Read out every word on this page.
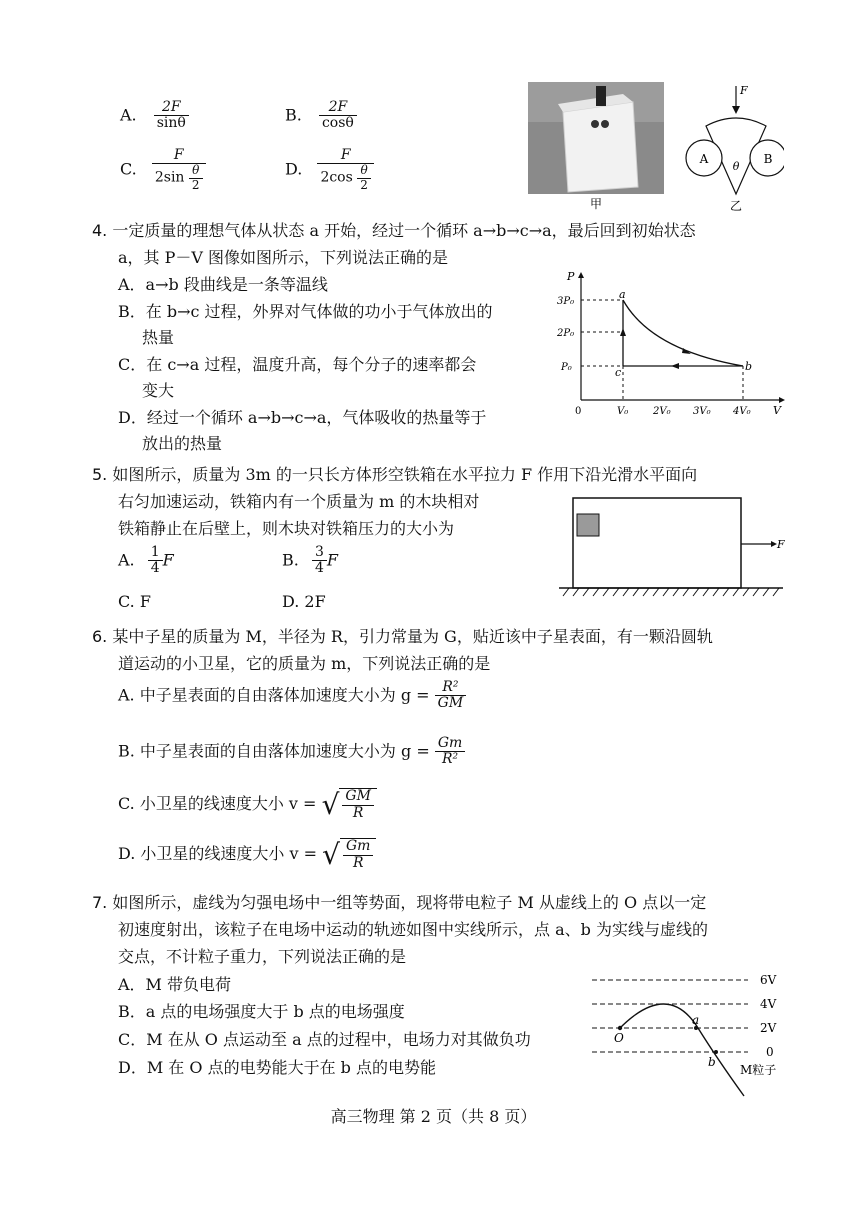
A. $\frac{2F}{\sin\theta}$	B. $\frac{2F}{\cos\theta}$
C. $\frac{F}{2\sin \frac{\theta}{2}}$	D. $\frac{F}{2\cos \frac{\theta}{2}}$
甲
F
A	B
θ
乙
4. 一定质量的理想气体从状态 a 开始，经过一个循环 a→b→c→a，最后回到初始状态
a，其 P－V 图像如图所示，下列说法正确的是
A．a→b 段曲线是一条等温线
B．在 b→c 过程，外界对气体做的功小于气体放出的
热量
C．在 c→a 过程，温度升高，每个分子的速率都会
变大
D．经过一个循环 a→b→c→a，气体吸收的热量等于
放出的热量
P
V
0
3P₀
2P₀
P₀
V₀ 2V₀ 3V₀ 4V₀
a
b
c
5. 如图所示，质量为 3m 的一只长方体形空铁箱在水平拉力 F 作用下沿光滑水平面向
右匀加速运动，铁箱内有一个质量为 m 的木块相对
铁箱静止在后壁上，则木块对铁箱压力的大小为
A. $\frac{1}{4}$ F	B. $\frac{3}{4}$ F
C. F	D. 2F
F
6. 某中子星的质量为 M，半径为 R，引力常量为 G，贴近该中子星表面，有一颗沿圆轨
道运动的小卫星，它的质量为 m，下列说法正确的是
A. 中子星表面的自由落体加速度大小为 $g = \frac{\text{R²}}{GM}$
B. 中子星表面的自由落体加速度大小为 $g = \frac{Gm}{\text{R²}}$
C. 小卫星的线速度大小 v = √ $\frac{GM}{R}$
D. 小卫星的线速度大小 v = √ $\frac{Gm}{R}$
7. 如图所示，虚线为匀强电场中一组等势面，现将带电粒子 M 从虚线上的 O 点以一定
初速度射出，该粒子在电场中运动的轨迹如图中实线所示，点 a、b 为实线与虚线的
交点，不计粒子重力，下列说法正确的是
A．M 带负电荷
B．a 点的电场强度大于 b 点的电场强度
C．M 在从 O 点运动至 a 点的过程中，电场力对其做负功
D．M 在 O 点的电势能大于在 b 点的电势能
6V
4V
2V
0
O
a
b
M粒子
高三物理 第 2 页（共 8 页）
